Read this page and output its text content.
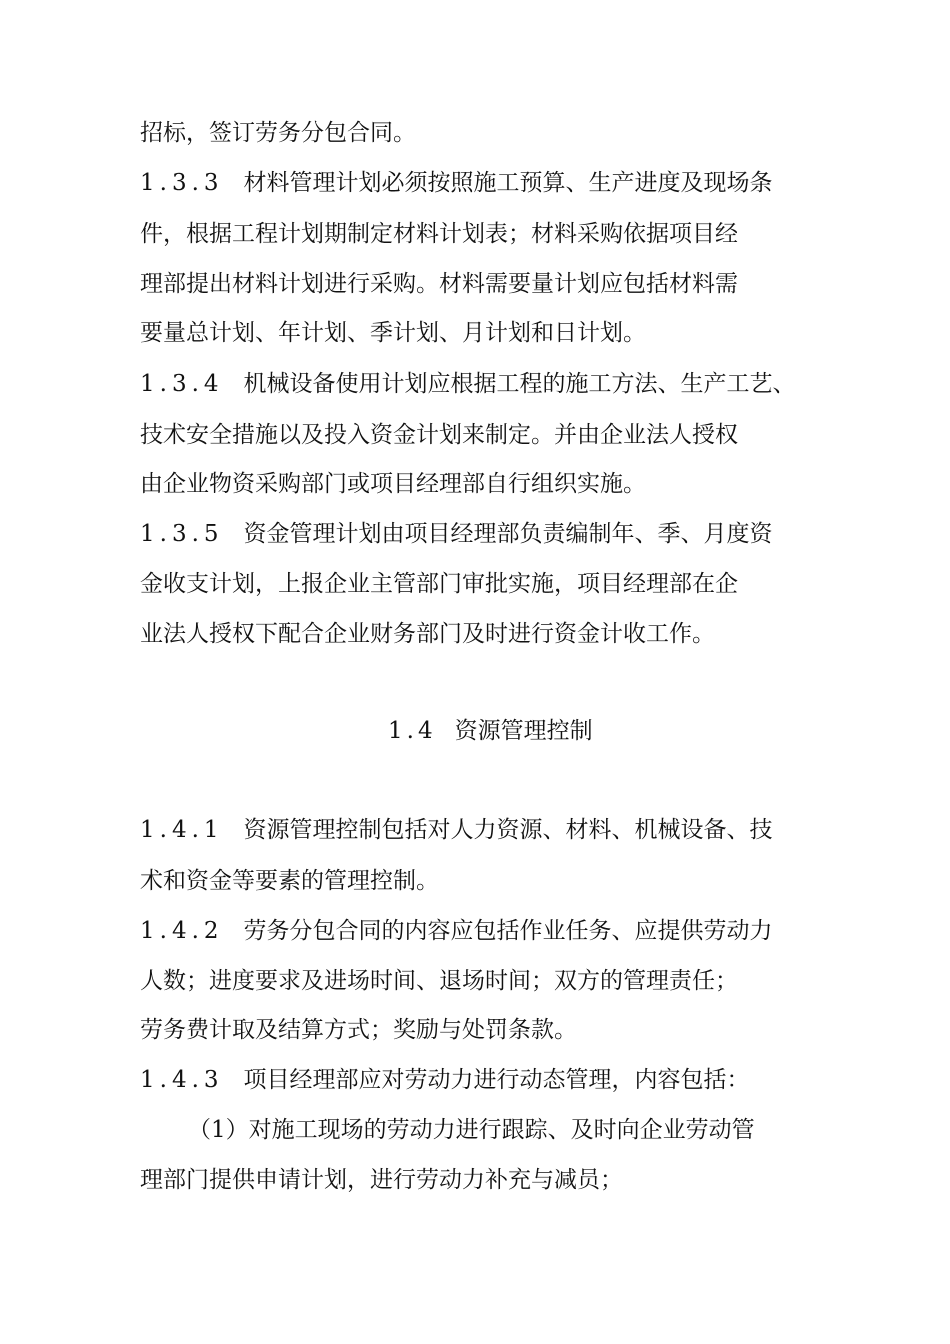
招标，签订劳务分包合同。

1.3.3 材料管理计划必须按照施工预算、生产进度及现场条

件，根据工程计划期制定材料计划表；材料采购依据项目经

理部提出材料计划进行采购。材料需要量计划应包括材料需

要量总计划、年计划、季计划、月计划和日计划。

1.3.4 机械设备使用计划应根据工程的施工方法、生产工艺、

技术安全措施以及投入资金计划来制定。并由企业法人授权

由企业物资采购部门或项目经理部自行组织实施。

1.3.5 资金管理计划由项目经理部负责编制年、季、月度资

金收支计划，上报企业主管部门审批实施，项目经理部在企

业法人授权下配合企业财务部门及时进行资金计收工作。

1.4 资源管理控制

1.4.1 资源管理控制包括对人力资源、材料、机械设备、技

术和资金等要素的管理控制。

1.4.2 劳务分包合同的内容应包括作业任务、应提供劳动力

人数；进度要求及进场时间、退场时间；双方的管理责任；

劳务费计取及结算方式；奖励与处罚条款。

1.4.3 项目经理部应对劳动力进行动态管理，内容包括：

（1）对施工现场的劳动力进行跟踪、及时向企业劳动管

理部门提供申请计划，进行劳动力补充与减员；
